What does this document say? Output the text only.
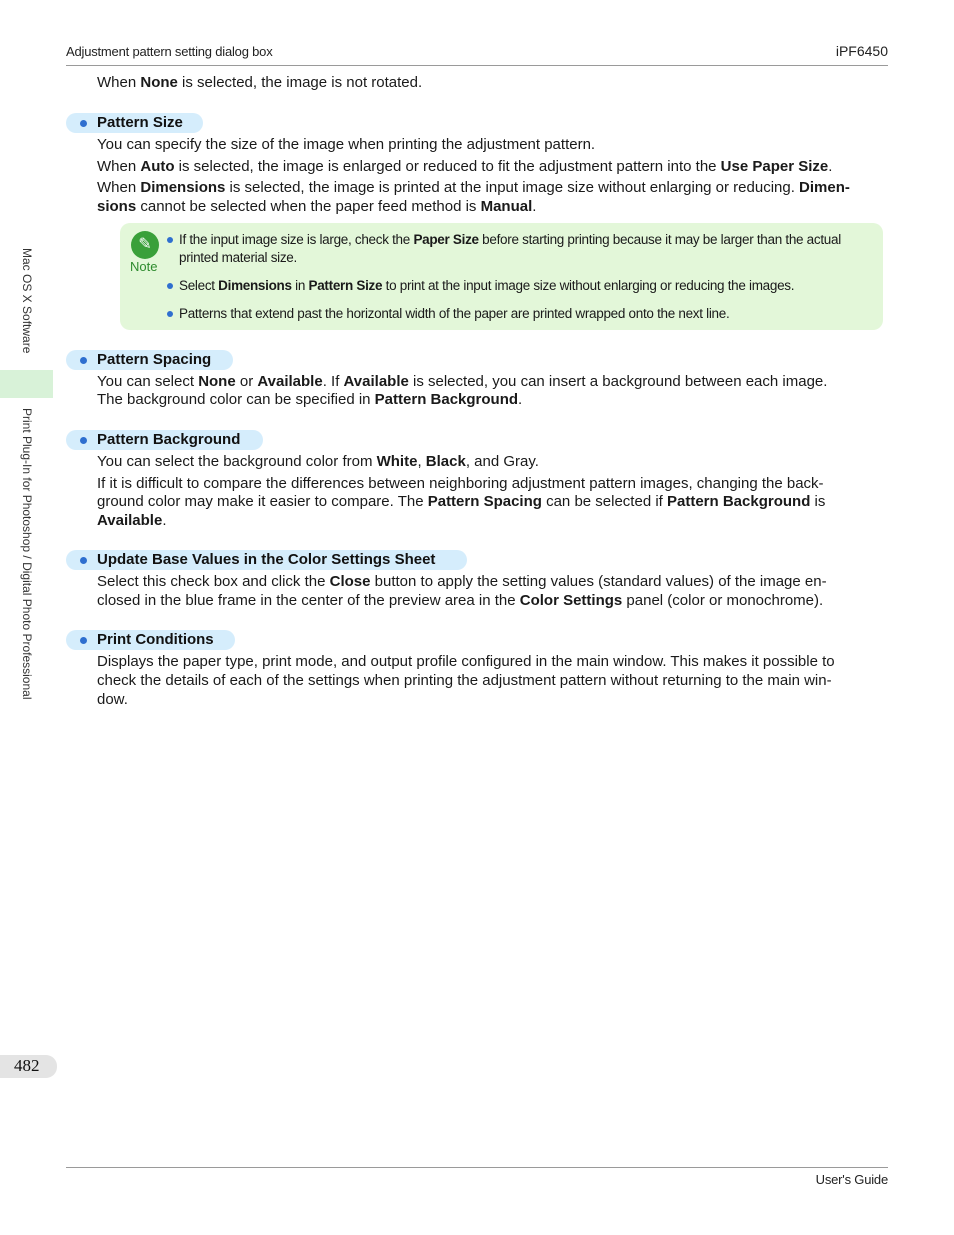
Adjustment pattern setting dialog box	iPF6450
Mac OS X Software
Print Plug-In for Photoshop / Digital Photo Professional
When None is selected, the image is not rotated.
Pattern Size
You can specify the size of the image when printing the adjustment pattern.
When Auto is selected, the image is enlarged or reduced to fit the adjustment pattern into the Use Paper Size.
When Dimensions is selected, the image is printed at the input image size without enlarging or reducing. Dimen-
sions cannot be selected when the paper feed method is Manual.
✎
Note
If the input image size is large, check the Paper Size before starting printing because it may be larger than the actual
printed material size.
Select Dimensions in Pattern Size to print at the input image size without enlarging or reducing the images.
Patterns that extend past the horizontal width of the paper are printed wrapped onto the next line.
Pattern Spacing
You can select None or Available. If Available is selected, you can insert a background between each image.
The background color can be specified in Pattern Background.
Pattern Background
You can select the background color from White, Black, and Gray.
If it is difficult to compare the differences between neighboring adjustment pattern images, changing the back-
ground color may make it easier to compare. The Pattern Spacing can be selected if Pattern Background is
Available.
Update Base Values in the Color Settings Sheet
Select this check box and click the Close button to apply the setting values (standard values) of the image en-
closed in the blue frame in the center of the preview area in the Color Settings panel (color or monochrome).
Print Conditions
Displays the paper type, print mode, and output profile configured in the main window. This makes it possible to
check the details of each of the settings when printing the adjustment pattern without returning to the main win-
dow.
482
User's Guide
